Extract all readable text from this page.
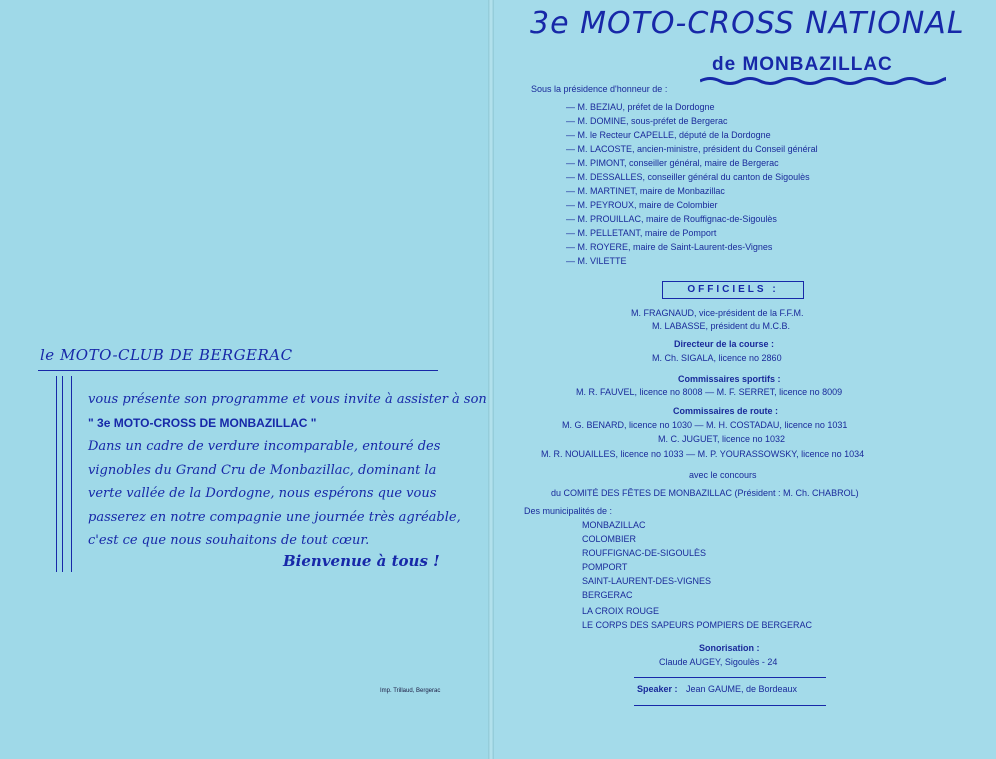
le MOTO-CLUB DE BERGERAC
vous présente son programme et vous invite à assister à son
" 3e MOTO-CROSS DE MONBAZILLAC "
Dans un cadre de verdure incomparable, entouré des
vignobles du Grand Cru de Monbazillac, dominant la
verte vallée de la Dordogne, nous espérons que vous
passerez en notre compagnie une journée très agréable,
c'est ce que nous souhaitons de tout cœur.
Bienvenue à tous !
Imp. Trillaud, Bergerac
3e MOTO-CROSS NATIONAL
de MONBAZILLAC
Sous la présidence d'honneur de :
— M. BEZIAU, préfet de la Dordogne
— M. DOMINE, sous-préfet de Bergerac
— M. le Recteur CAPELLE, député de la Dordogne
— M. LACOSTE, ancien-ministre, président du Conseil général
— M. PIMONT, conseiller général, maire de Bergerac
— M. DESSALLES, conseiller général du canton de Sigoulès
— M. MARTINET, maire de Monbazillac
— M. PEYROUX, maire de Colombier
— M. PROUILLAC, maire de Rouffignac-de-Sigoulès
— M. PELLETANT, maire de Pomport
— M. ROYERE, maire de Saint-Laurent-des-Vignes
— M. VILETTE
OFFICIELS :
M. FRAGNAUD, vice-président de la F.F.M.
M. LABASSE, président du M.C.B.
Directeur de la course :
M. Ch. SIGALA, licence no 2860
Commissaires sportifs :
M. R. FAUVEL, licence no 8008 — M. F. SERRET, licence no 8009
Commissaires de route :
M. G. BENARD, licence no 1030 — M. H. COSTADAU, licence no 1031
M. C. JUGUET, licence no 1032
M. R. NOUAILLES, licence no 1033 — M. P. YOURASSOWSKY, licence no 1034
avec le concours
du COMITÉ DES FÊTES DE MONBAZILLAC (Président : M. Ch. CHABROL)
Des municipalités de :
MONBAZILLAC
COLOMBIER
ROUFFIGNAC-DE-SIGOULÈS
POMPORT
SAINT-LAURENT-DES-VIGNES
BERGERAC
LA CROIX ROUGE
LE CORPS DES SAPEURS POMPIERS DE BERGERAC
Sonorisation :
Claude AUGEY, Sigoulès - 24
Speaker : Jean GAUME, de Bordeaux
